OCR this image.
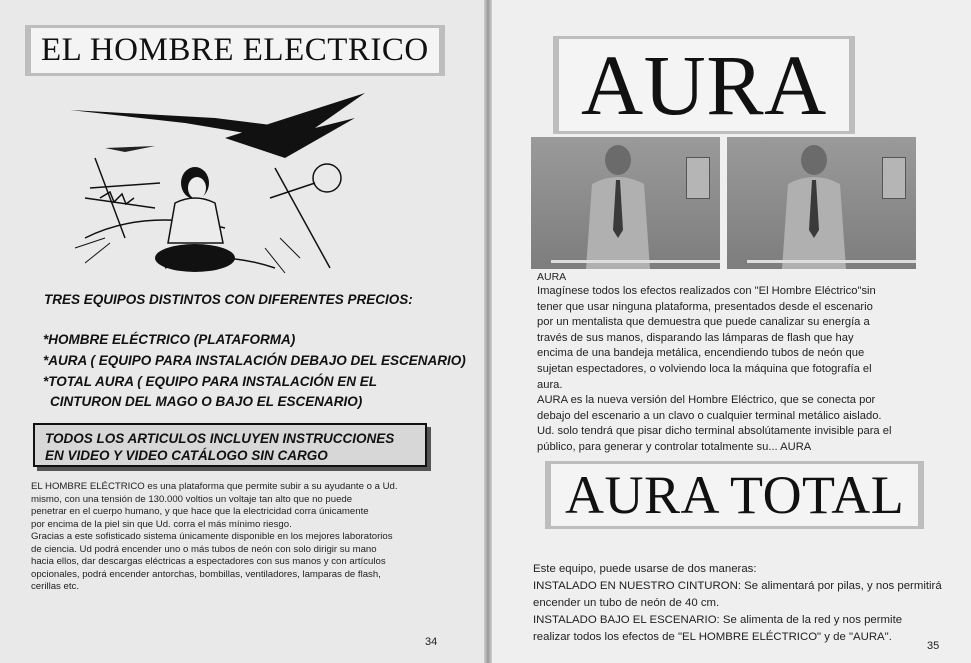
EL HOMBRE ELECTRICO
TRES EQUIPOS DISTINTOS CON DIFERENTES PRECIOS:
*HOMBRE ELÉCTRICO (PLATAFORMA)
*AURA ( EQUIPO PARA INSTALACIÓN DEBAJO DEL ESCENARIO)
*TOTAL AURA ( EQUIPO PARA INSTALACIÓN EN EL
CINTURON DEL MAGO O BAJO EL ESCENARIO)
TODOS LOS ARTICULOS INCLUYEN INSTRUCCIONES
EN VIDEO Y VIDEO CATÁLOGO SIN CARGO
EL HOMBRE ELÉCTRICO es una plataforma que permite subir a su ayudante o a Ud.
mismo, con una tensión de 130.000 voltios un voltaje tan alto que no puede
penetrar en el cuerpo humano, y que hace que la electricidad corra únicamente
por encima de la piel sin que Ud. corra el más mínimo riesgo.
Gracias a este sofisticado sistema únicamente disponible en los mejores laboratorios
de ciencia. Ud podrá encender uno o más tubos de neón con solo dirigir su mano
hacia ellos, dar descargas eléctricas a espectadores con sus manos y con artículos
opcionales, podrá encender antorchas, bombillas, ventiladores, lamparas de flash,
cerillas etc.
34
AURA
AURA
Imagínese todos los efectos realizados con "El Hombre Eléctrico"sin
tener que usar ninguna plataforma, presentados desde el escenario
por un mentalista que demuestra que puede canalizar su energía a
través de sus manos, disparando las lámparas de flash que hay
encima de una bandeja metálica, encendiendo tubos de neón que
sujetan espectadores, o volviendo loca la máquina que fotografía el
aura.
AURA es la nueva versión del Hombre Eléctrico, que se conecta por
debajo del escenario a un clavo o cualquier terminal metálico aislado.
Ud. solo tendrá que pisar dicho terminal absolútamente invisible para el
público, para generar y controlar totalmente su... AURA
AURA TOTAL
Este equipo, puede usarse de dos maneras:
INSTALADO EN NUESTRO CINTURON: Se alimentará por pilas, y nos permitirá
encender un tubo de neón de 40 cm.
INSTALADO BAJO EL ESCENARIO: Se alimenta de la red y nos permite
realizar todos los efectos de "EL HOMBRE ELÉCTRICO" y de "AURA".
35
